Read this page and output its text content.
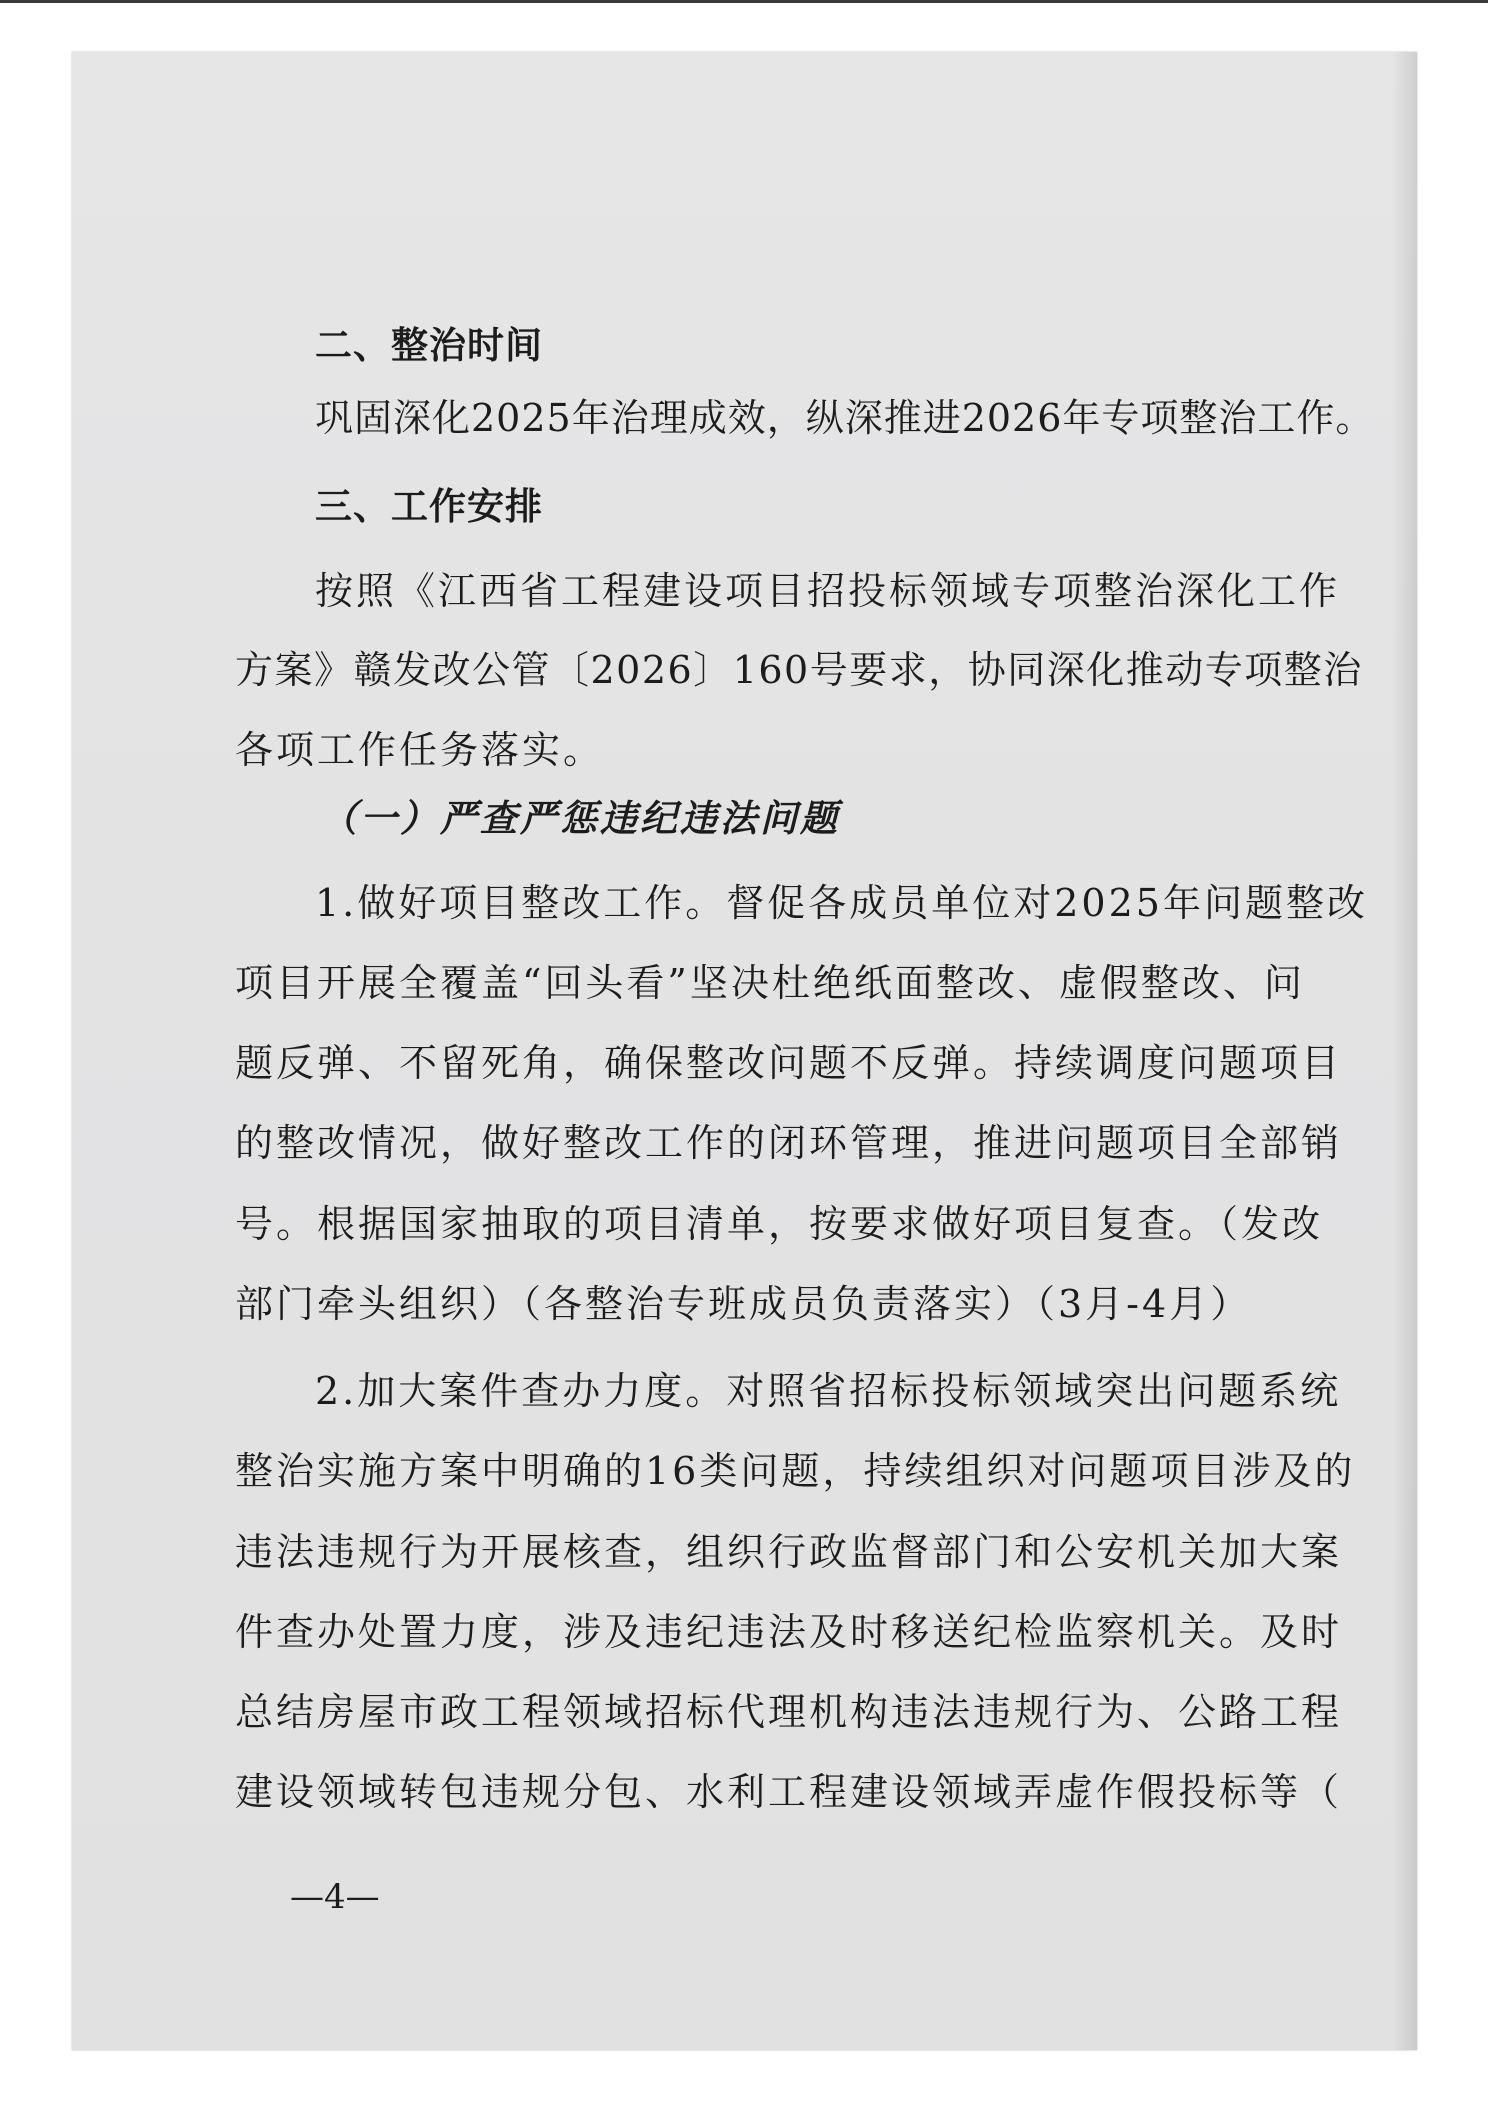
二、整治时间
巩固深化2025年治理成效，纵深推进2026年专项整治工作。
三、工作安排
按照《江西省工程建设项目招投标领域专项整治深化工作
方案》赣发改公管〔2026〕160号要求，协同深化推动专项整治
各项工作任务落实。
（一）严查严惩违纪违法问题
1.做好项目整改工作。督促各成员单位对2025年问题整改
项目开展全覆盖“回头看”坚决杜绝纸面整改、虚假整改、问
题反弹、不留死角，确保整改问题不反弹。持续调度问题项目
的整改情况，做好整改工作的闭环管理，推进问题项目全部销
号。根据国家抽取的项目清单，按要求做好项目复查。（发改
部门牵头组织）（各整治专班成员负责落实）（3月-4月）
2.加大案件查办力度。对照省招标投标领域突出问题系统
整治实施方案中明确的16类问题，持续组织对问题项目涉及的
违法违规行为开展核查，组织行政监督部门和公安机关加大案
件查办处置力度，涉及违纪违法及时移送纪检监察机关。及时
总结房屋市政工程领域招标代理机构违法违规行为、公路工程
建设领域转包违规分包、水利工程建设领域弄虚作假投标等（
—4—
